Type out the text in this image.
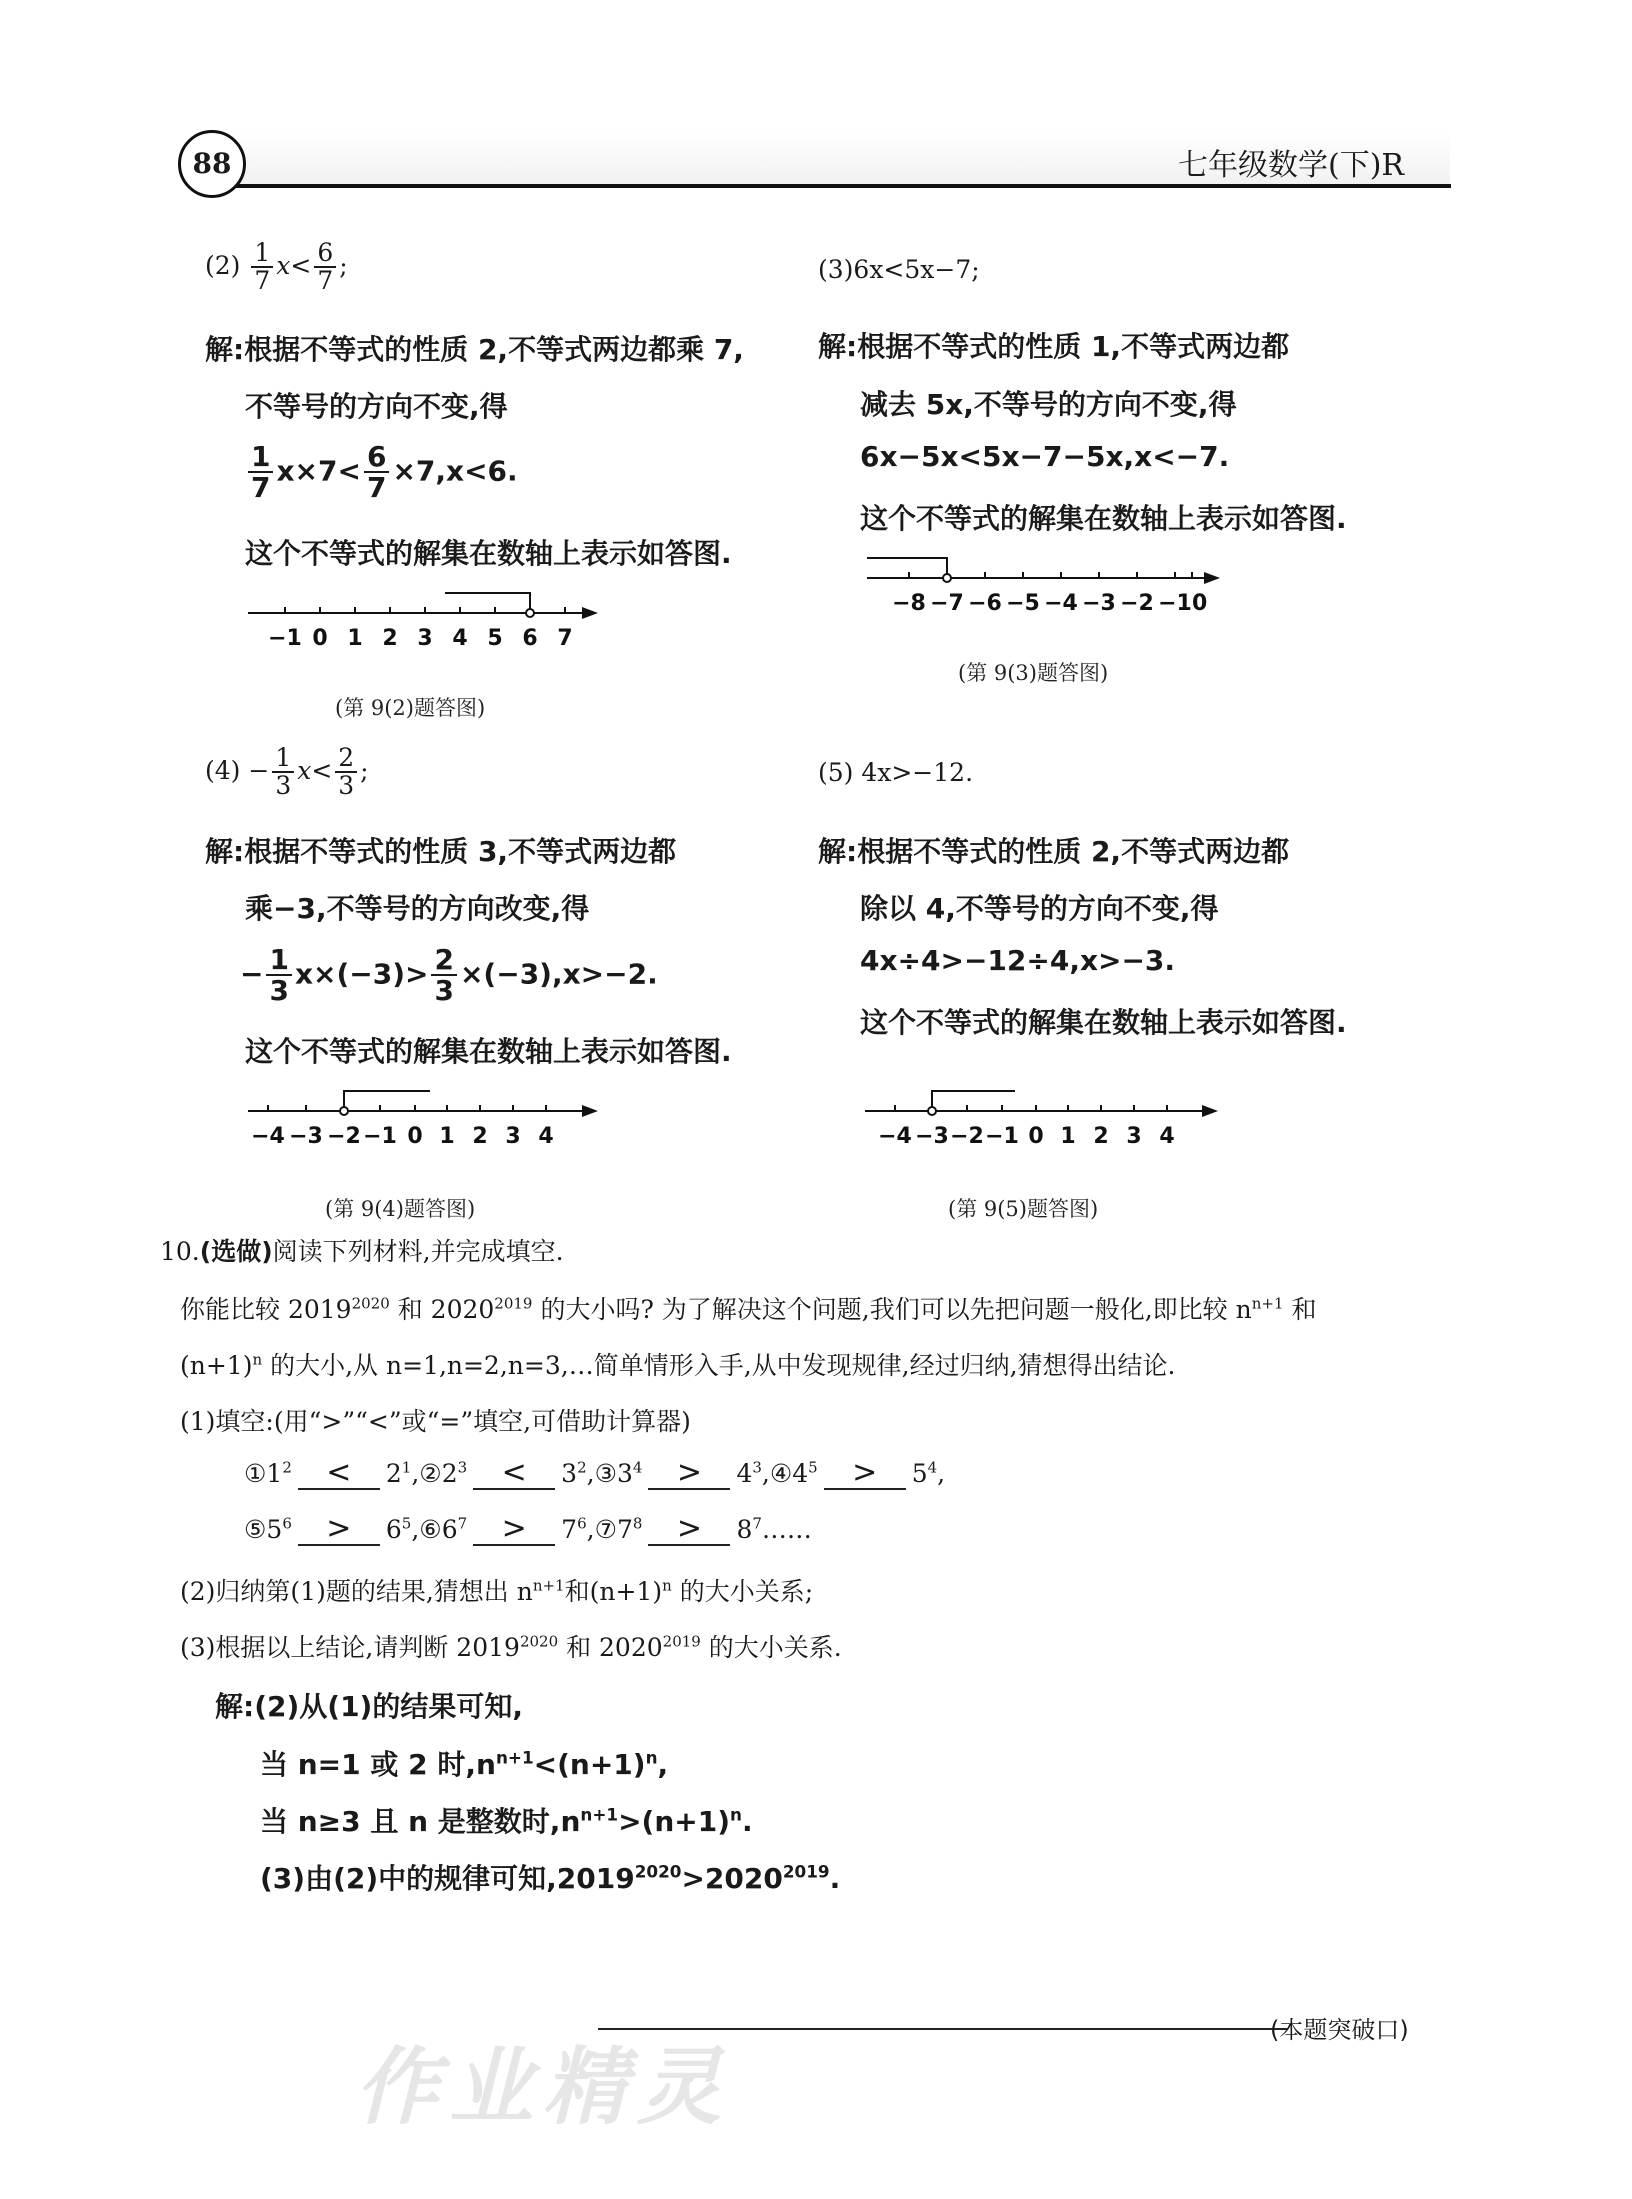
88	七年级数学(下)R
$(2) \frac{1}{7} x< \frac{6}{7}$ ;
解:根据不等式的性质 2,不等式两边都乘 7,
不等号的方向不变,得
$\frac{1}{7} x\times 7< \frac{6}{7} \times 7,x<6$.
这个不等式的解集在数轴上表示如答图.
−1 0 1 2 3 4 5 6 7
(第 9(2)题答图)
(3)6x<5x−7;
解:根据不等式的性质 1,不等式两边都
减去 5x,不等号的方向不变,得
6x−5x<5x−7−5x,x<−7.
这个不等式的解集在数轴上表示如答图.
−8 −7 −6 −5 −4 −3 −2 −1 0
(第 9(3)题答图)
$(4) - \frac{1}{3} x< \frac{2}{3}$ ;
解:根据不等式的性质 3,不等式两边都
乘−3,不等号的方向改变,得
− $\frac{1}{3} x\times(-3)> \frac{2}{3} \times(-3),x>-2$.
这个不等式的解集在数轴上表示如答图.
−4 −3 −2 −1 0 1 2 3 4
(第 9(4)题答图)
(5) 4x>−12.
解:根据不等式的性质 2,不等式两边都
除以 4,不等号的方向不变,得
4x÷4>−12÷4,x>−3.
这个不等式的解集在数轴上表示如答图.
−4 −3 −2 −1 0 1 2 3 4
(第 9(5)题答图)
10.(选做)阅读下列材料,并完成填空.
你能比较 $2019^{2020}$ 和 $2020^{2019}$ 的大小吗? 为了解决这个问题,我们可以先把问题一般化,即比较 $n^{n+1}$ 和
$(n+1)^n$ 的大小,从 n=1,n=2,n=3,…简单情形入手,从中发现规律,经过归纳,猜想得出结论.
(1)填空:(用“>”“<”或“=”填空,可借助计算器)
$①1^2$ < $2^1,②2^3$ < $3^2,③3^4$ > $4^3,④4^5 > 5^4$,
$⑤5^6$ > $6^5,⑥6^7$ > $7^6,⑦7^8$ > $8^7\dots\dots$
(2)归纳第(1)题的结果,猜想出 $n^{n+1}$和$(n+1)^n$ 的大小关系;
(3)根据以上结论,请判断 $2019^{2020}$ 和 $2020^{2019}$ 的大小关系.
解:(2)从(1)的结果可知,
当 n=1 或 2 时$,n^{n+1}<(n+1)^n$,
当 n≥3 且 n 是整数时$,n^{n+1}>(n+1)^n$.
(3)由(2)中的规律可知$,2019^{2020}>2020^{2019}$.
(本题突破口)
作业精灵
